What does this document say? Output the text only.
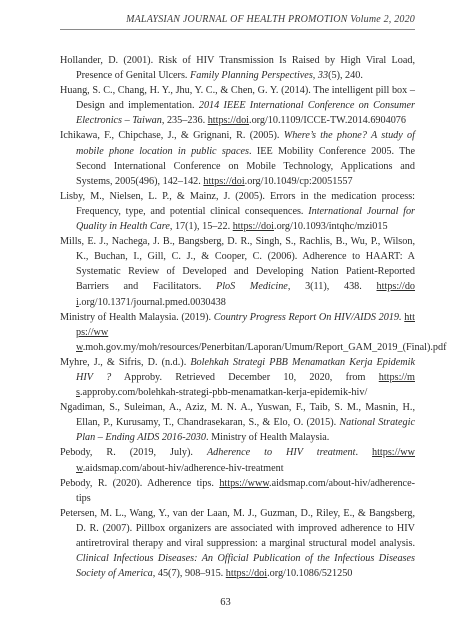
MALAYSIAN JOURNAL OF HEALTH PROMOTION Volume 2, 2020

Hollander, D. (2001). Risk of HIV Transmission Is Raised by High Viral Load, Presence of Genital Ulcers. Family Planning Perspectives, 33(5), 240.

Huang, S. C., Chang, H. Y., Jhu, Y. C., & Chen, G. Y. (2014). The intelligent pill box – Design and implementation. 2014 IEEE International Conference on Consumer Electronics – Taiwan, 235–236. https://doi.org/10.1109/ICCE-TW.2014.6904076

Ichikawa, F., Chipchase, J., & Grignani, R. (2005). Where’s the phone? A study of mobile phone location in public spaces. IEE Mobility Conference 2005. The Second International Conference on Mobile Technology, Applications and Systems, 2005(496), 142–142. https://doi.org/10.1049/cp:20051557

Lisby, M., Nielsen, L. P., & Mainz, J. (2005). Errors in the medication process: Frequency, type, and potential clinical consequences. International Journal for Quality in Health Care, 17(1), 15–22. https://doi.org/10.1093/intqhc/mzi015

Mills, E. J., Nachega, J. B., Bangsberg, D. R., Singh, S., Rachlis, B., Wu, P., Wilson, K., Buchan, I., Gill, C. J., & Cooper, C. (2006). Adherence to HAART: A Systematic Review of Developed and Developing Nation Patient-Reported Barriers and Facilitators. PloS Medicine, 3(11), 438. https://doi.org/10.1371/journal.pmed.0030438

Ministry of Health Malaysia. (2019). Country Progress Report On HIV/AIDS 2019. https://www.moh.gov.my/moh/resources/Penerbitan/Laporan/Umum/Report_GAM_2019_(Final).pdf

Myhre, J., & Sifris, D. (n.d.). Bolehkah Strategi PBB Menamatkan Kerja Epidemik HIV ? Approby. Retrieved December 10, 2020, from https://ms.approby.com/bolehkah-strategi-pbb-menamatkan-kerja-epidemik-hiv/

Ngadiman, S., Suleiman, A., Aziz, M. N. A., Yuswan, F., Taib, S. M., Masnin, H., Ellan, P., Kurusamy, T., Chandrasekaran, S., & Elo, O. (2015). National Strategic Plan – Ending AIDS 2016-2030. Ministry of Health Malaysia.

Pebody, R. (2019, July). Adherence to HIV treatment. https://www.aidsmap.com/about-hiv/adherence-hiv-treatment

Pebody, R. (2020). Adherence tips. https://www.aidsmap.com/about-hiv/adherence-tips

Petersen, M. L., Wang, Y., van der Laan, M. J., Guzman, D., Riley, E., & Bangsberg, D. R. (2007). Pillbox organizers are associated with improved adherence to HIV antiretroviral therapy and viral suppression: a marginal structural model analysis. Clinical Infectious Diseases: An Official Publication of the Infectious Diseases Society of America, 45(7), 908–915. https://doi.org/10.1086/521250

63
